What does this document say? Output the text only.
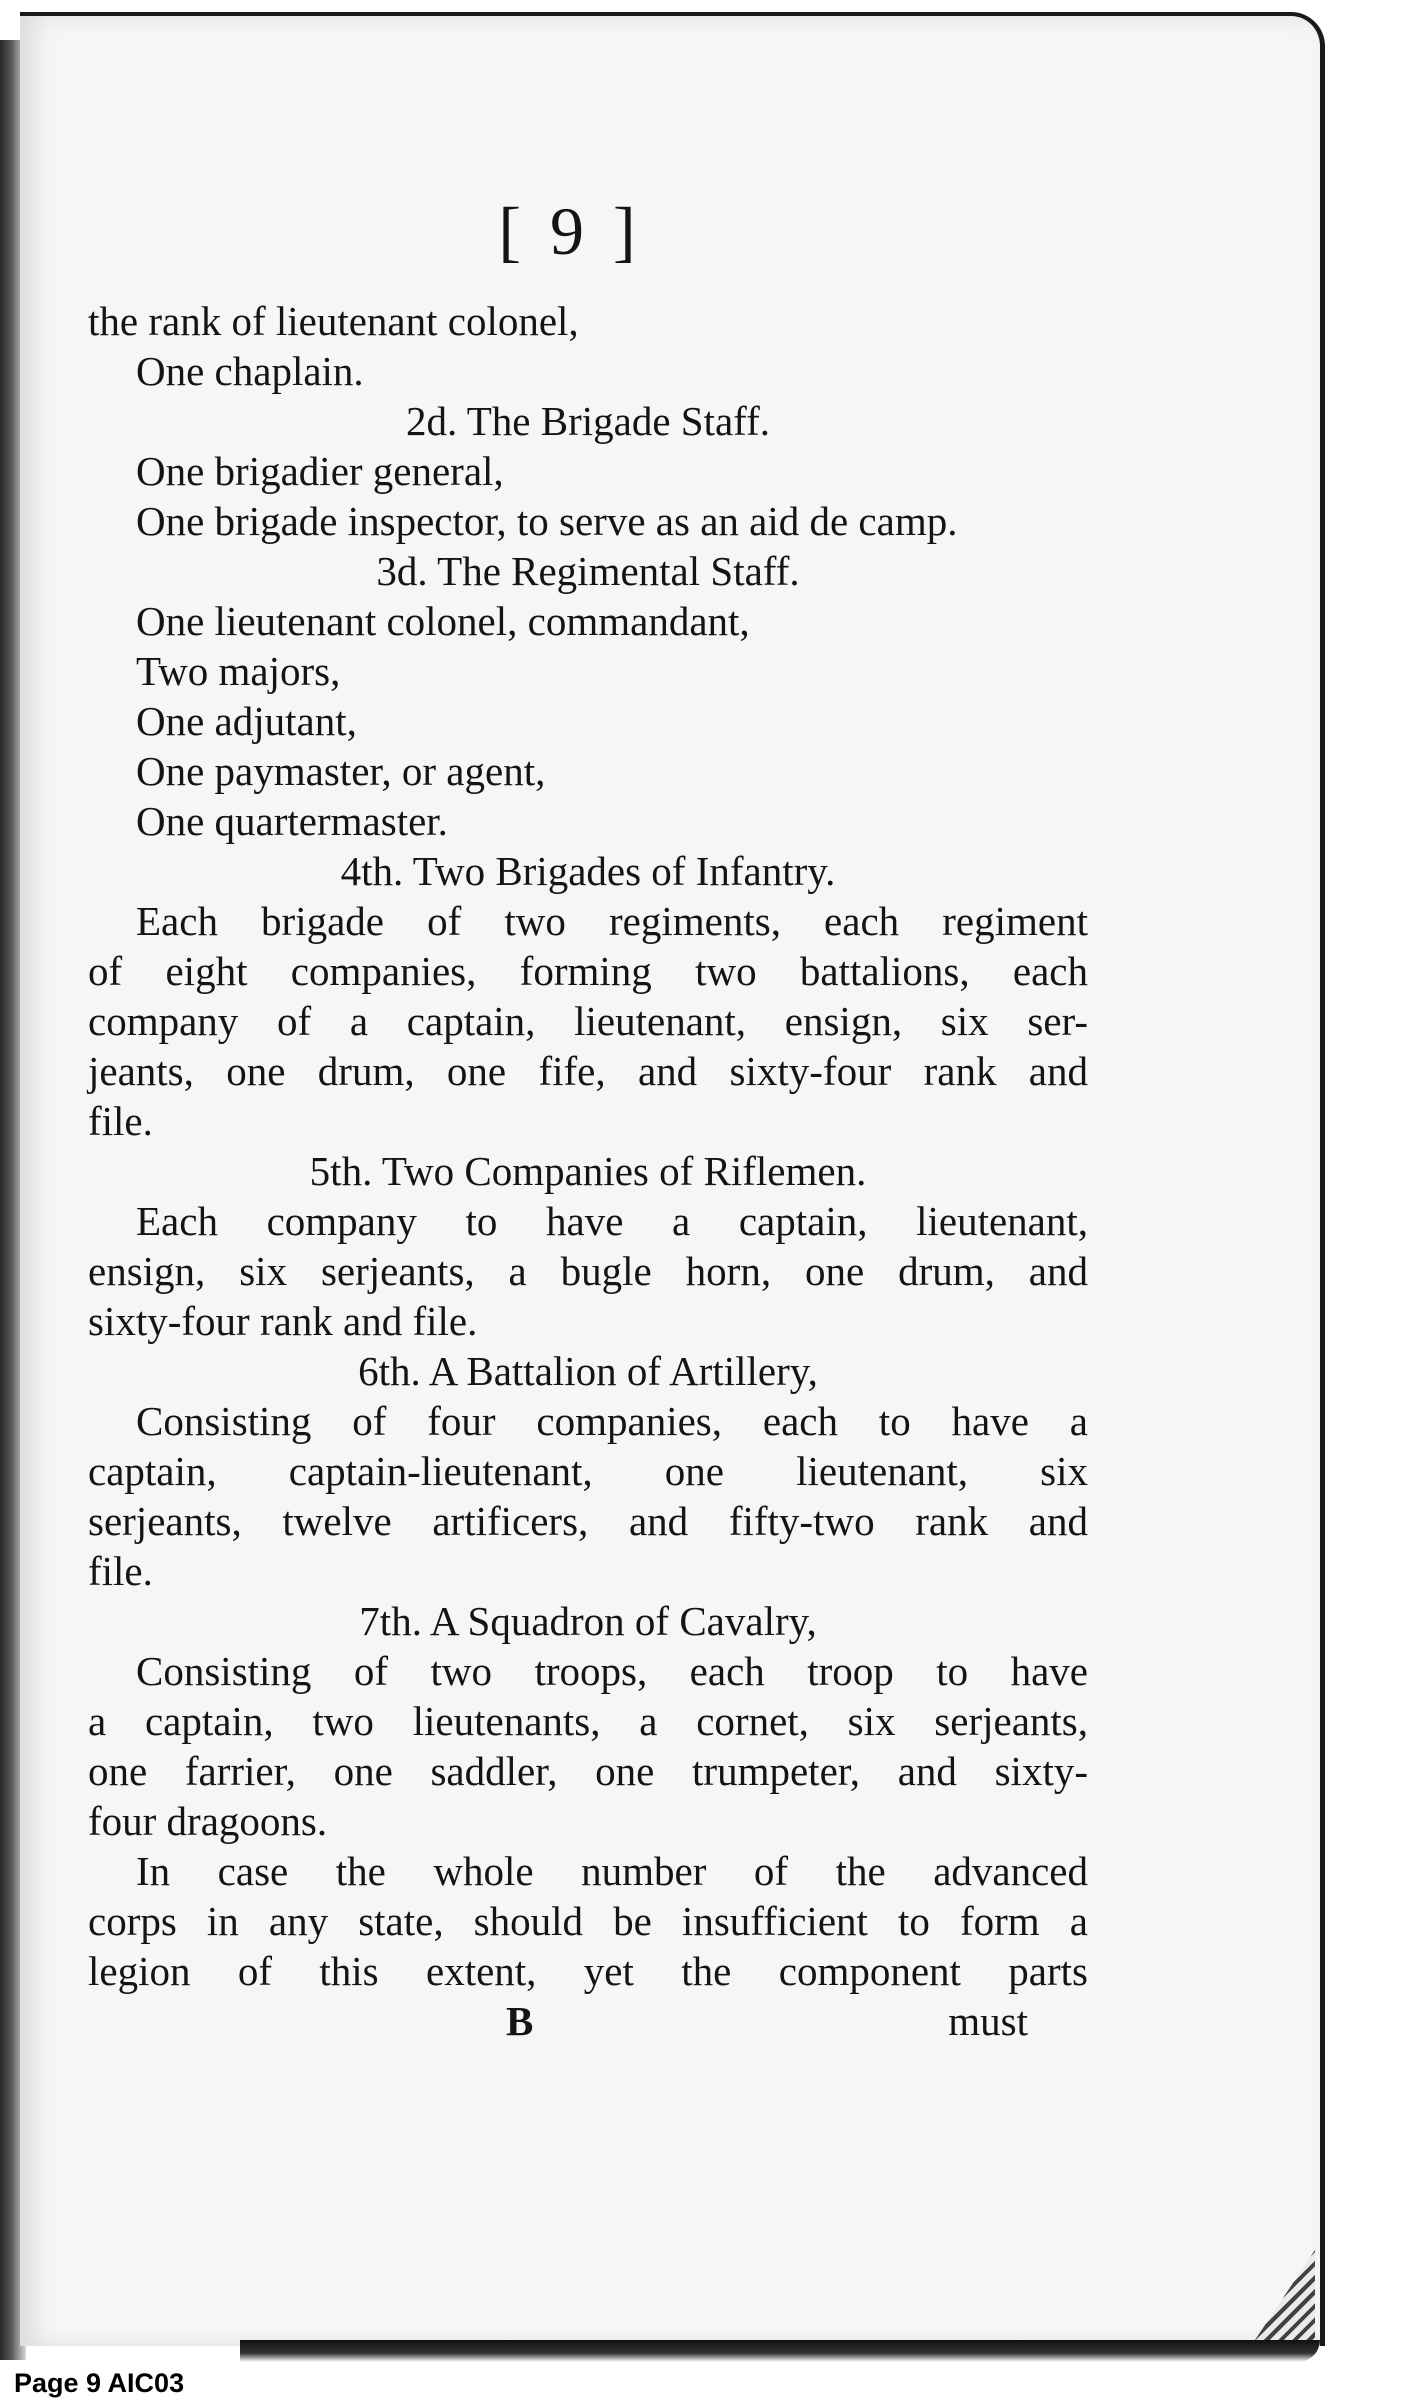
[ 9 ]
the rank of lieutenant colonel,
One chaplain.
2d. The Brigade Staff.
One brigadier general,
One brigade inspector, to serve as an aid de camp.
3d. The Regimental Staff.
One lieutenant colonel, commandant,
Two majors,
One adjutant,
One paymaster, or agent,
One quartermaster.
4th. Two Brigades of Infantry.
Each brigade of two regiments, each regiment
of eight companies, forming two battalions, each
company of a captain, lieutenant, ensign, six ser-
jeants, one drum, one fife, and sixty-four rank and
file.
5th. Two Companies of Riflemen.
Each company to have a captain, lieutenant,
ensign, six serjeants, a bugle horn, one drum, and
sixty-four rank and file.
6th. A Battalion of Artillery,
Consisting of four companies, each to have a
captain, captain-lieutenant, one lieutenant, six
serjeants, twelve artificers, and fifty-two rank and
file.
7th. A Squadron of Cavalry,
Consisting of two troops, each troop to have
a captain, two lieutenants, a cornet, six serjeants,
one farrier, one saddler, one trumpeter, and sixty-
four dragoons.
In case the whole number of the advanced
corps in any state, should be insufficient to form a
legion of this extent, yet the component parts
B	must
Page 9 AIC03
